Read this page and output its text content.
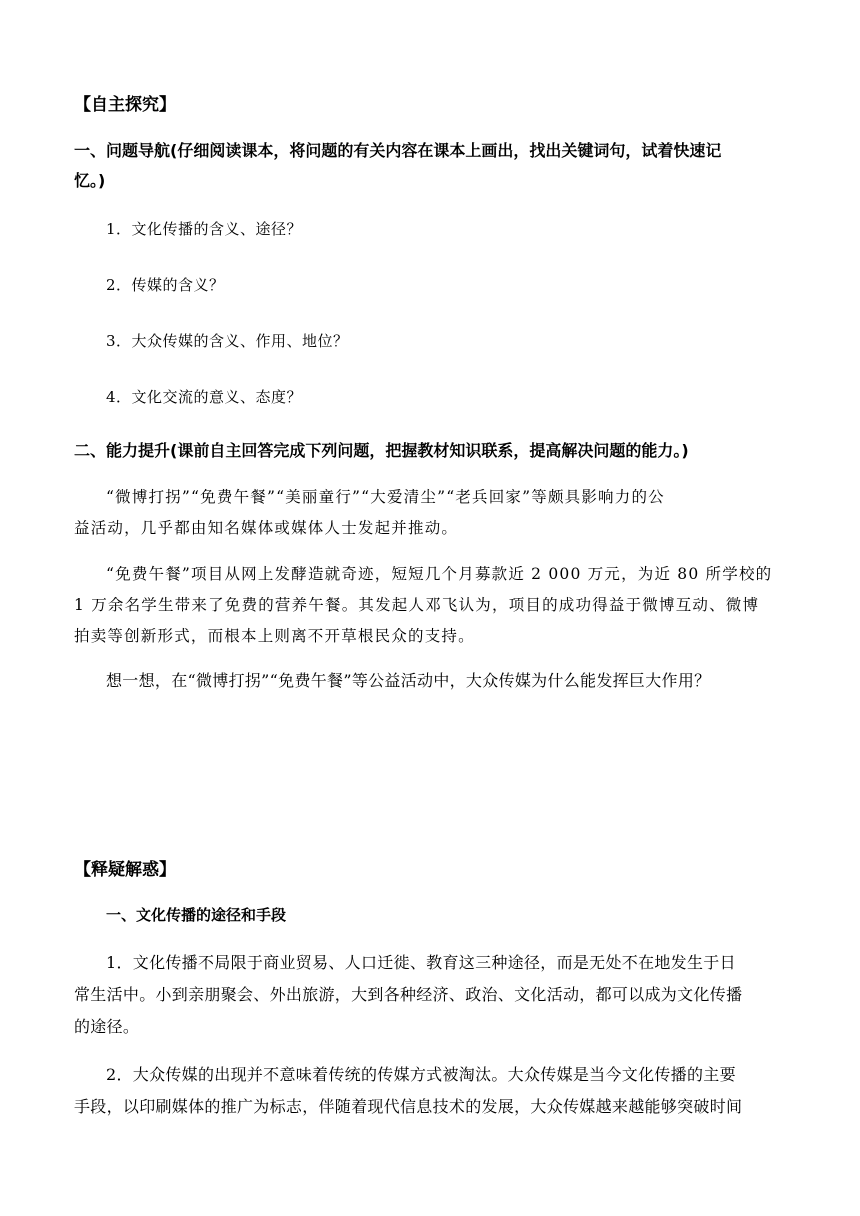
【自主探究】
一、问题导航(仔细阅读课本，将问题的有关内容在课本上画出，找出关键词句，试着快速记
忆。)
1．文化传播的含义、途径？
2．传媒的含义？
3．大众传媒的含义、作用、地位？
4．文化交流的意义、态度？
二、能力提升(课前自主回答完成下列问题，把握教材知识联系，提高解决问题的能力。)
“微博打拐”“免费午餐”“美丽童行”“大爱清尘”“老兵回家”等颇具影响力的公
益活动，几乎都由知名媒体或媒体人士发起并推动。
“免费午餐”项目从网上发酵造就奇迹，短短几个月募款近 2 000 万元，为近 80 所学校的
1 万余名学生带来了免费的营养午餐。其发起人邓飞认为，项目的成功得益于微博互动、微博
拍卖等创新形式，而根本上则离不开草根民众的支持。
想一想，在“微博打拐”“免费午餐”等公益活动中，大众传媒为什么能发挥巨大作用？
【释疑解惑】
一、文化传播的途径和手段
1．文化传播不局限于商业贸易、人口迁徙、教育这三种途径，而是无处不在地发生于日
常生活中。小到亲朋聚会、外出旅游，大到各种经济、政治、文化活动，都可以成为文化传播
的途径。
2．大众传媒的出现并不意味着传统的传媒方式被淘汰。大众传媒是当今文化传播的主要
手段，以印刷媒体的推广为标志，伴随着现代信息技术的发展，大众传媒越来越能够突破时间
